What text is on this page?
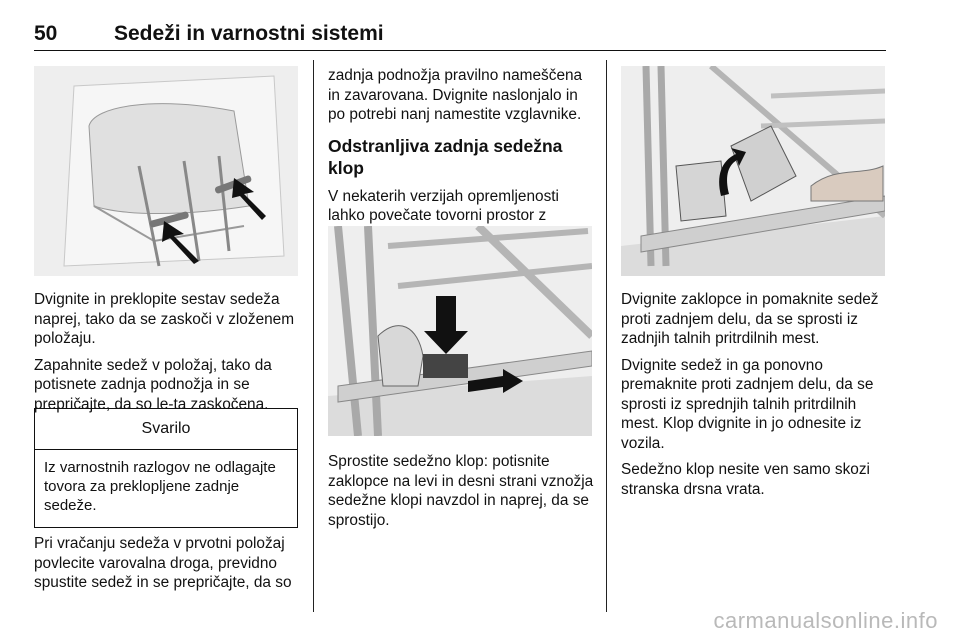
50	Sedeži in varnostni sistemi

Dvignite in preklopite sestav sedeža naprej, tako da se zaskoči v zloženem položaju.

Zapahnite sedež v položaj, tako da potisnete zadnja podnožja in se prepričajte, da so le-ta zaskočena.

Svarilo
Iz varnostnih razlogov ne odlagajte tovora za preklopljene zadnje sedeže.

Pri vračanju sedeža v prvotni položaj povlecite varovalna droga, previdno spustite sedež in se prepričajte, da so

zadnja podnožja pravilno nameščena in zavarovana. Dvignite naslonjalo in po potrebi nanj namestite vzglavnike.

Odstranljiva zadnja sedežna klop

V nekaterih verzijah opremljenosti lahko povečate tovorni prostor z

Sprostite sedežno klop: potisnite zaklopce na levi in desni strani vznožja sedežne klopi navzdol in naprej, da se sprostijo.

Dvignite zaklopce in pomaknite sedež proti zadnjem delu, da se sprosti iz zadnjih talnih pritrdilnih mest.

Dvignite sedež in ga ponovno premaknite proti zadnjem delu, da se sprosti iz sprednjih talnih pritrdilnih mest. Klop dvignite in jo odnesite iz vozila.

Sedežno klop nesite ven samo skozi stranska drsna vrata.

carmanualsonline.info
